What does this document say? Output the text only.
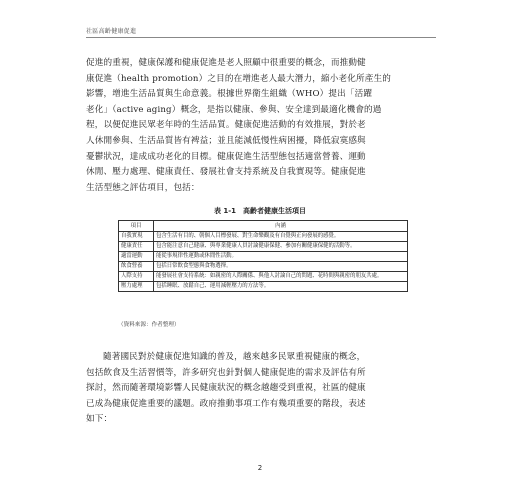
社區高齡健康促進

促進的重視，健康保護和健康促進是老人照顧中很重要的概念，而推動健

康促進（health promotion）之目的在增進老人最大潛力，縮小老化所產生的

影響，增進生活品質與生命意義。根據世界衛生組織（WHO）提出「活躍

老化」（active aging）概念，是指以健康、參與、安全達到最適化機會的過

程，以便促進民眾老年時的生活品質。健康促進活動的有效推展，對於老

人休閒參與、生活品質皆有裨益；並且能減低慢性病困擾，降低寂寞感與

憂鬱狀況，達成成功老化的目標。健康促進生活型態包括適當營養、運動

休閒、壓力處理、健康責任、發展社會支持系統及自我實現等。健康促進

生活型態之評估項目，包括：

表 1-1　高齡者健康生活項目
項目	內涵
自我實現	包含生活有目的、朝個人目標發展、對生命樂觀及有自覺與正向發展的感覺。
健康責任	包含能注意自己健康、與專業健康人員討論健康保健、參加有關健康保健的活動等。
適當運動	能從事規律性運動或休閒性活動。
飲食營養	包括日常飲食型態與食物選擇。
人際支持	能發展社會支持系統：如親密的人際關係、與他人討論自己的問題、花時間與親密的朋友共處。
壓力處理	包括睡眠、放鬆自己、運用減輕壓力的方法等。
（資料來源：作者整理）

隨著國民對於健康促進知識的普及，越來越多民眾重視健康的概念，

包括飲食及生活習慣等，許多研究也針對個人健康促進的需求及評估有所

探討，然而隨著環境影響人民健康狀況的概念越趨受到重視，社區的健康

已成為健康促進重要的議題。政府推動事項工作有幾項重要的階段，表述

如下：

2
